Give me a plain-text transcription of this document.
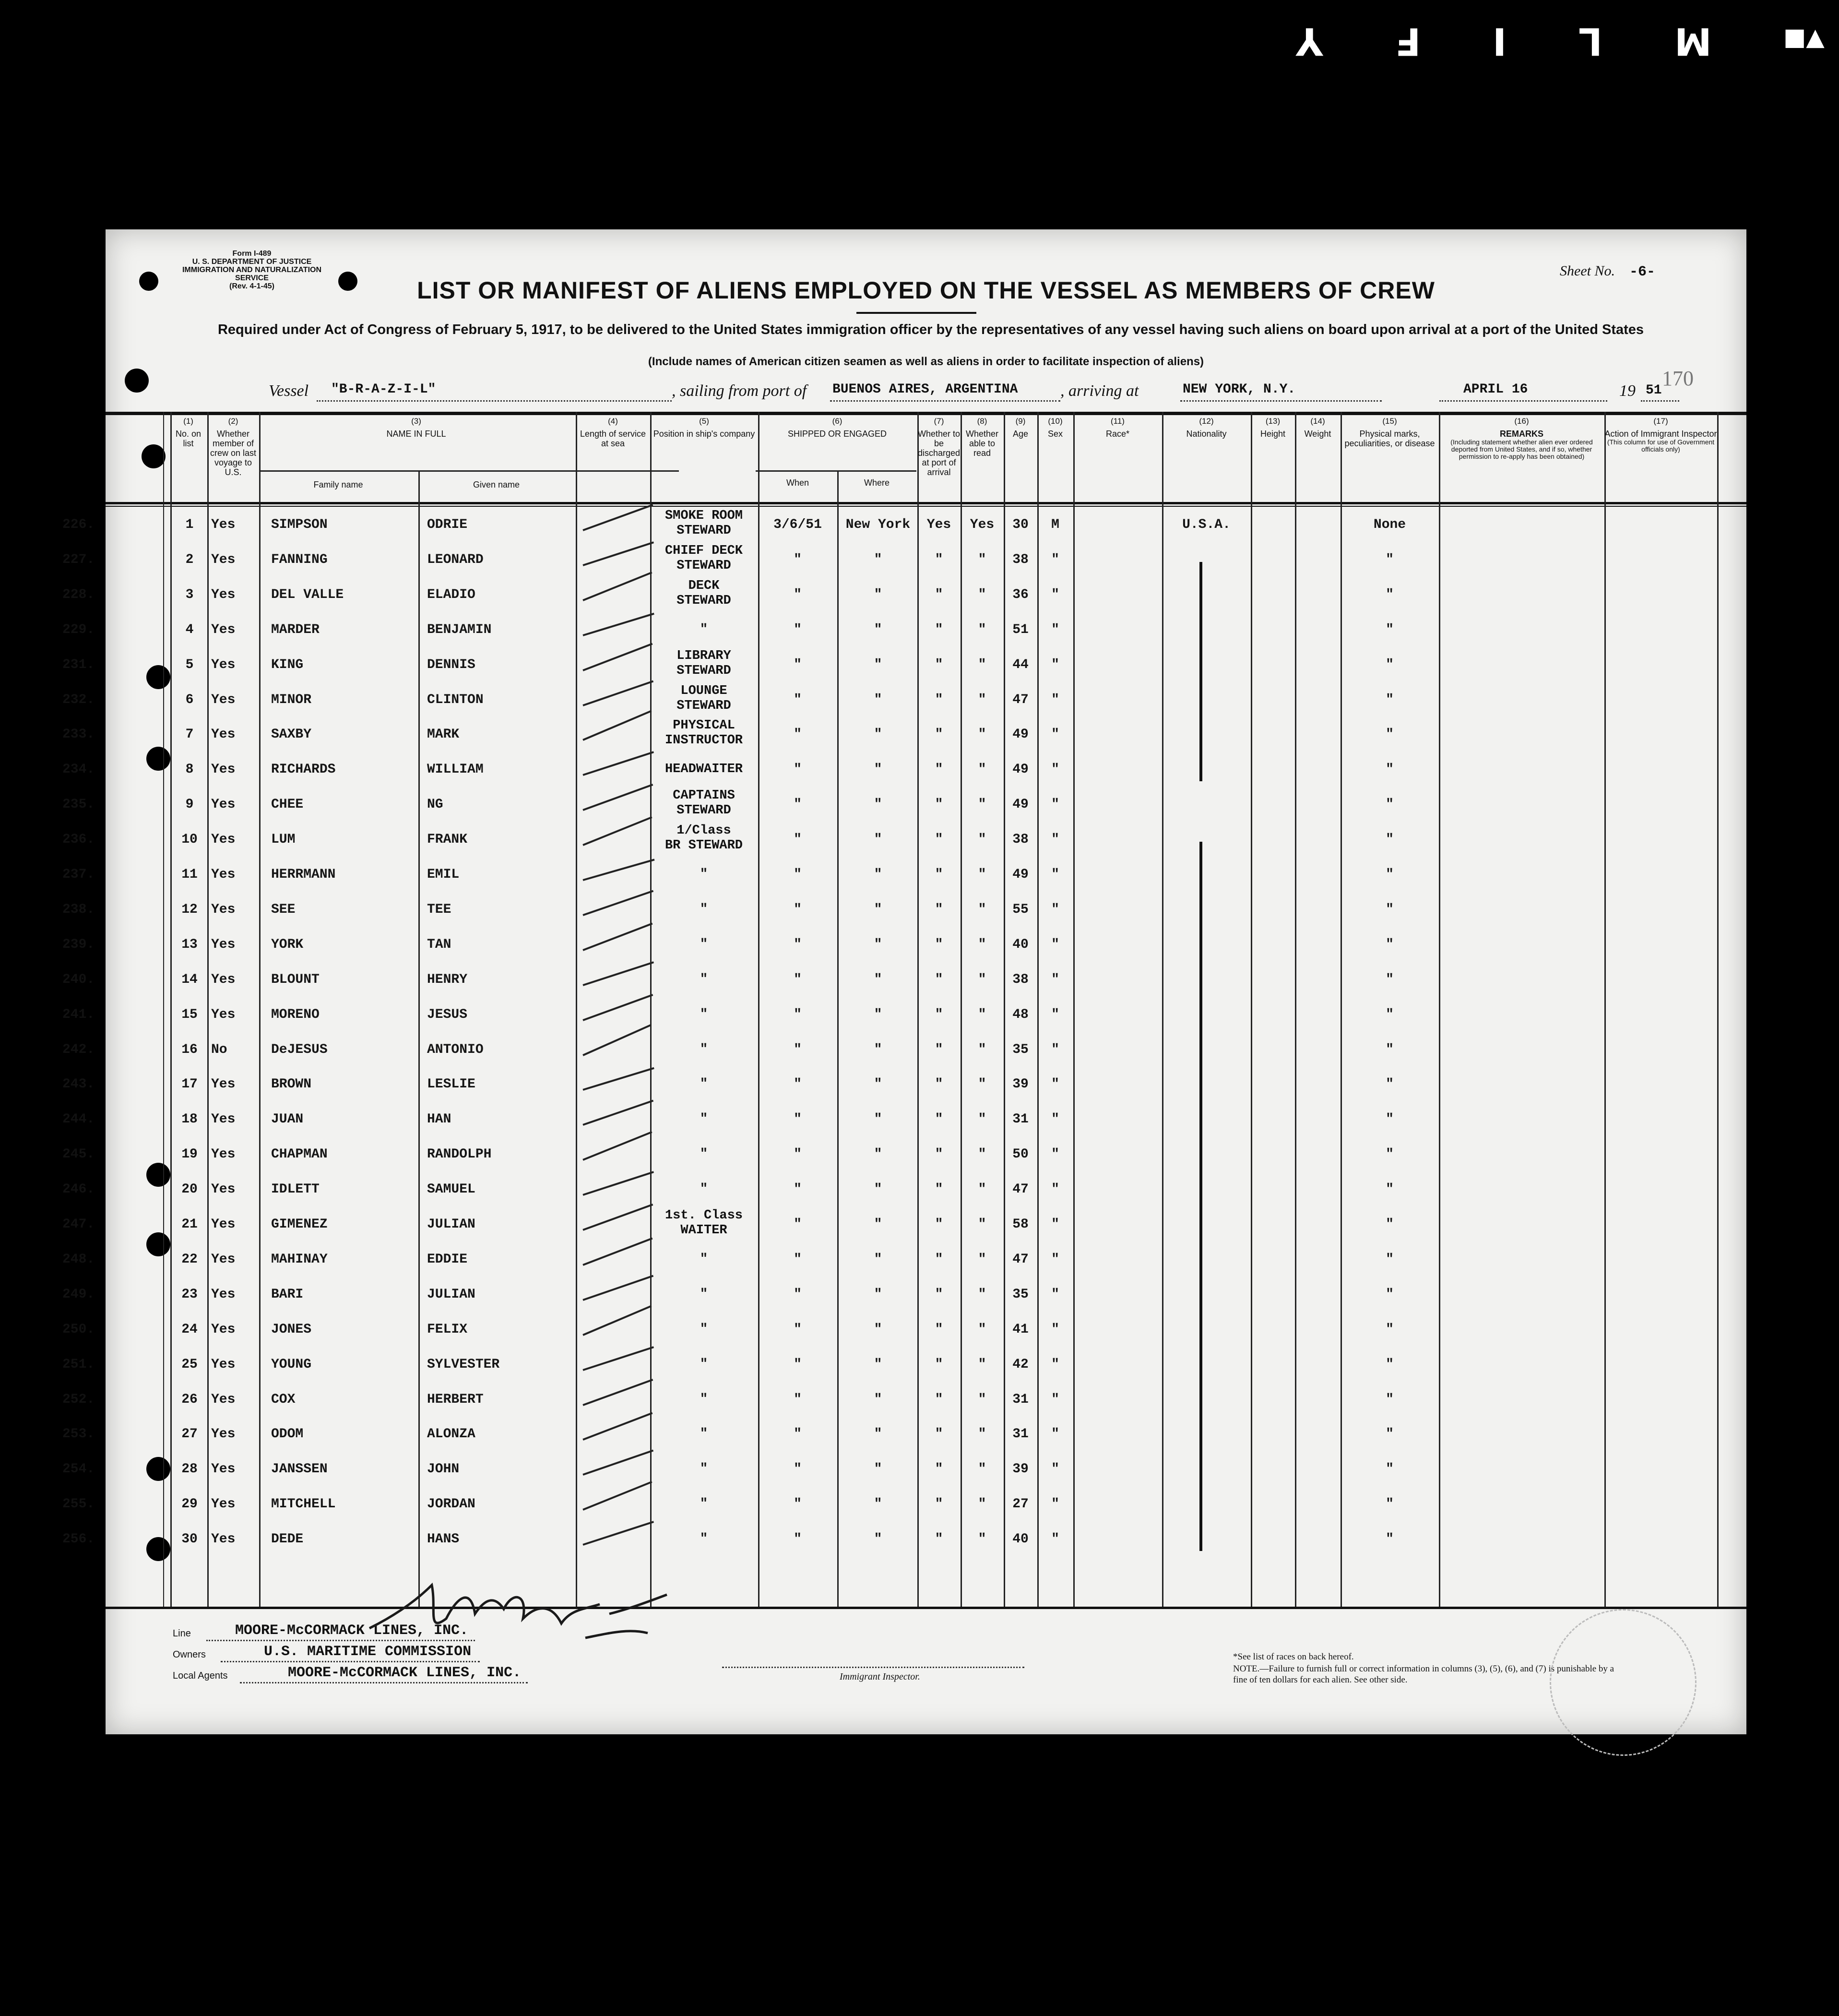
Y F I L M	▼■
Form I-489
U. S. DEPARTMENT OF JUSTICE
IMMIGRATION AND NATURALIZATION SERVICE
(Rev. 4-1-45)	LIST OR MANIFEST OF ALIENS EMPLOYED ON THE VESSEL AS MEMBERS OF CREW
Sheet No. -6-
Required under Act of Congress of February 5, 1917, to be delivered to the United States immigration officer by the representatives of any vessel having such aliens on board upon arrival at a port of the United States
(Include names of American citizen seamen as well as aliens in order to facilitate inspection of aliens)
Vessel "B-R-A-Z-I-L"	, sailing from port of BUENOS AIRES, ARGENTINA	, arriving at	NEW YORK, N.Y.	APRIL 16	19 51
170
(1)
No. on list
(2)
Whether member of crew on last voyage to U.S.
(3)
NAME IN FULL
Family name	Given name
(4)
Length of service at sea
(5)
Position in ship's company
(6)
SHIPPED OR ENGAGED
When	Where
(7)
Whether to be discharged at port of arrival
(8)
Whether able to read
(9)
Age
(10)
Sex
(11)
Race*
(12)
Nationality
(13)
Height
(14)
Weight
(15)
Physical marks, peculiarities, or disease
(16)
REMARKS

(Including statement whether alien ever ordered deported from United States, and if so, whether permission to re-apply has been obtained)
(17)
Action of Immigrant Inspector

(This column for use of Government officials only)
226.	1	Yes	SIMPSON	ODRIE
SMOKE ROOM
STEWARD	3/6/51	New York	Yes	Yes	30	M	U.S.A.	None
227.	2	Yes	FANNING	LEONARD
CHIEF DECK
STEWARD	"	"	"	"	38	"	"
228.	3	Yes	DEL VALLE	ELADIO
DECK
STEWARD	"	"	"	"	36	"	"
229.	4	Yes	MARDER	BENJAMIN	"	"	"	"	"	51	"	"
231.	5	Yes	KING	DENNIS
LIBRARY
STEWARD	"	"	"	"	44	"	"
232.	6	Yes	MINOR	CLINTON
LOUNGE
STEWARD	"	"	"	"	47	"	"
233.	7	Yes	SAXBY	MARK
PHYSICAL
INSTRUCTOR	"	"	"	"	49	"	"
234.	8	Yes	RICHARDS	WILLIAM	HEADWAITER	"	"	"	"	49	"	"
235.	9	Yes	CHEE	NG
CAPTAINS
STEWARD	"	"	"	"	49	"	"
236.	10	Yes	LUM	FRANK
1/Class
BR STEWARD	"	"	"	"	38	"	"
237.	11	Yes	HERRMANN	EMIL	"	"	"	"	"	49	"	"
238.	12	Yes	SEE	TEE	"	"	"	"	"	55	"	"
239.	13	Yes	YORK	TAN	"	"	"	"	"	40	"	"
240.	14	Yes	BLOUNT	HENRY	"	"	"	"	"	38	"	"
241.	15	Yes	MORENO	JESUS	"	"	"	"	"	48	"	"
242.	16	No	DeJESUS	ANTONIO	"	"	"	"	"	35	"	"
243.	17	Yes	BROWN	LESLIE	"	"	"	"	"	39	"	"
244.	18	Yes	JUAN	HAN	"	"	"	"	"	31	"	"
245.	19	Yes	CHAPMAN	RANDOLPH	"	"	"	"	"	50	"	"
246.	20	Yes	IDLETT	SAMUEL	"	"	"	"	"	47	"	"
247.	21	Yes	GIMENEZ	JULIAN
1st. Class
WAITER	"	"	"	"	58	"	"
248.	22	Yes	MAHINAY	EDDIE	"	"	"	"	"	47	"	"
249.	23	Yes	BARI	JULIAN	"	"	"	"	"	35	"	"
250.	24	Yes	JONES	FELIX	"	"	"	"	"	41	"	"
251.	25	Yes	YOUNG	SYLVESTER	"	"	"	"	"	42	"	"
252.	26	Yes	COX	HERBERT	"	"	"	"	"	31	"	"
253.	27	Yes	ODOM	ALONZA	"	"	"	"	"	31	"	"
254.	28	Yes	JANSSEN	JOHN	"	"	"	"	"	39	"	"
255.	29	Yes	MITCHELL	JORDAN	"	"	"	"	"	27	"	"
256.	30	Yes	DEDE	HANS	"	"	"	"	"	40	"	"
Line	MOORE-McCORMACK LINES, INC.
Owners	U.S. MARITIME COMMISSION
Local Agents	MOORE-McCORMACK LINES, INC.	Immigrant Inspector.
*See list of races on back hereof.
NOTE.—Failure to furnish full or correct information in columns (3), (5), (6), and (7) is punishable by a fine of ten dollars for each alien. See other side.
